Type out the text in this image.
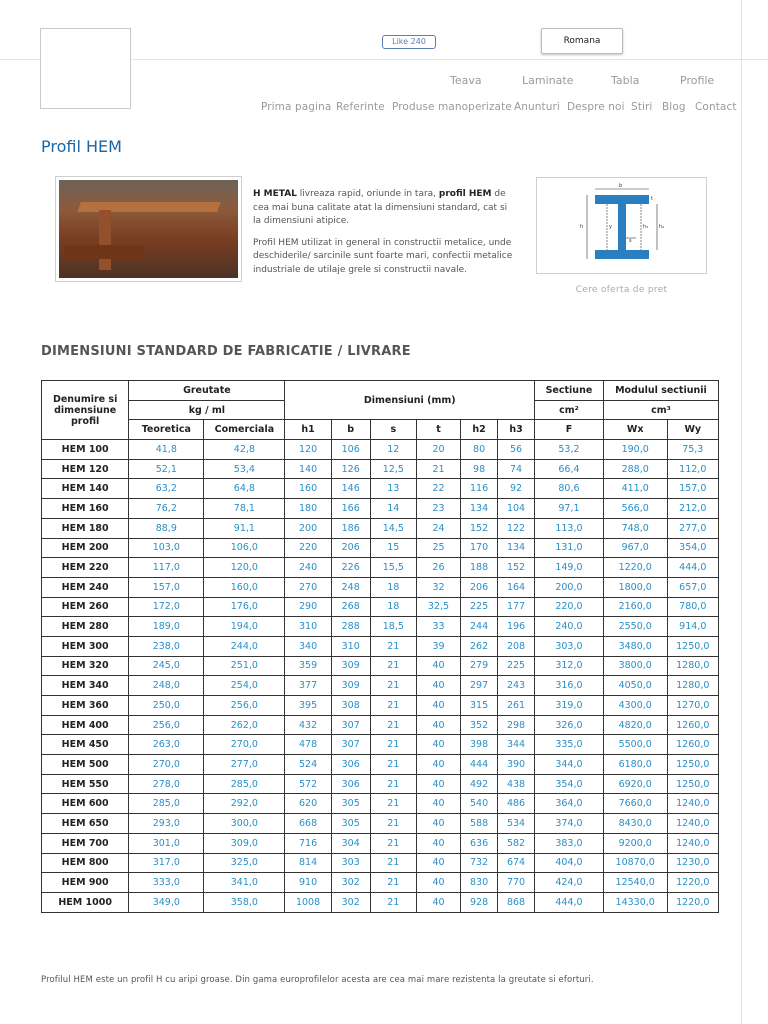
Like 240	Romana
Teava	Laminate	Tabla	Profile
Prima pagina Referinte Produse manoperizate Anunturi Despre noi Stiri Blog Contact
Profil HEM

H METAL livreaza rapid, oriunde in tara, profil HEM de cea mai buna calitate atat la dimensiuni standard, cat si la dimensiuni atipice.

Profil HEM utilizat in general in constructii metalice, unde deschiderile/ sarcinile sunt foarte mari, confectii metalice industriale de utilaje grele si constructii navale.

b
h	h₂
h₃
s
y
t
Cere oferta de pret
DIMENSIUNI STANDARD DE FABRICATIE / LIVRARE
Denumire si dimensiune profil	Greutate		Dimensiuni (mm)						Sectiune	Modulul sectiunii	
	kg / ml								cm²	cm³	
	Teoretica	Comerciala	h1	b	s	t	h2	h3	F	Wx	Wy
HEM 100	41,8	42,8	120	106	12	20	80	56	53,2	190,0	75,3
HEM 120	52,1	53,4	140	126	12,5	21	98	74	66,4	288,0	112,0
HEM 140	63,2	64,8	160	146	13	22	116	92	80,6	411,0	157,0
HEM 160	76,2	78,1	180	166	14	23	134	104	97,1	566,0	212,0
HEM 180	88,9	91,1	200	186	14,5	24	152	122	113,0	748,0	277,0
HEM 200	103,0	106,0	220	206	15	25	170	134	131,0	967,0	354,0
HEM 220	117,0	120,0	240	226	15,5	26	188	152	149,0	1220,0	444,0
HEM 240	157,0	160,0	270	248	18	32	206	164	200,0	1800,0	657,0
HEM 260	172,0	176,0	290	268	18	32,5	225	177	220,0	2160,0	780,0
HEM 280	189,0	194,0	310	288	18,5	33	244	196	240,0	2550,0	914,0
HEM 300	238,0	244,0	340	310	21	39	262	208	303,0	3480,0	1250,0
HEM 320	245,0	251,0	359	309	21	40	279	225	312,0	3800,0	1280,0
HEM 340	248,0	254,0	377	309	21	40	297	243	316,0	4050,0	1280,0
HEM 360	250,0	256,0	395	308	21	40	315	261	319,0	4300,0	1270,0
HEM 400	256,0	262,0	432	307	21	40	352	298	326,0	4820,0	1260,0
HEM 450	263,0	270,0	478	307	21	40	398	344	335,0	5500,0	1260,0
HEM 500	270,0	277,0	524	306	21	40	444	390	344,0	6180,0	1250,0
HEM 550	278,0	285,0	572	306	21	40	492	438	354,0	6920,0	1250,0
HEM 600	285,0	292,0	620	305	21	40	540	486	364,0	7660,0	1240,0
HEM 650	293,0	300,0	668	305	21	40	588	534	374,0	8430,0	1240,0
HEM 700	301,0	309,0	716	304	21	40	636	582	383,0	9200,0	1240,0
HEM 800	317,0	325,0	814	303	21	40	732	674	404,0	10870,0	1230,0
HEM 900	333,0	341,0	910	302	21	40	830	770	424,0	12540,0	1220,0
HEM 1000	349,0	358,0	1008	302	21	40	928	868	444,0	14330,0	1220,0
Profilul HEM este un profil H cu aripi groase. Din gama europrofilelor acesta are cea mai mare rezistenta la greutate si eforturi.
